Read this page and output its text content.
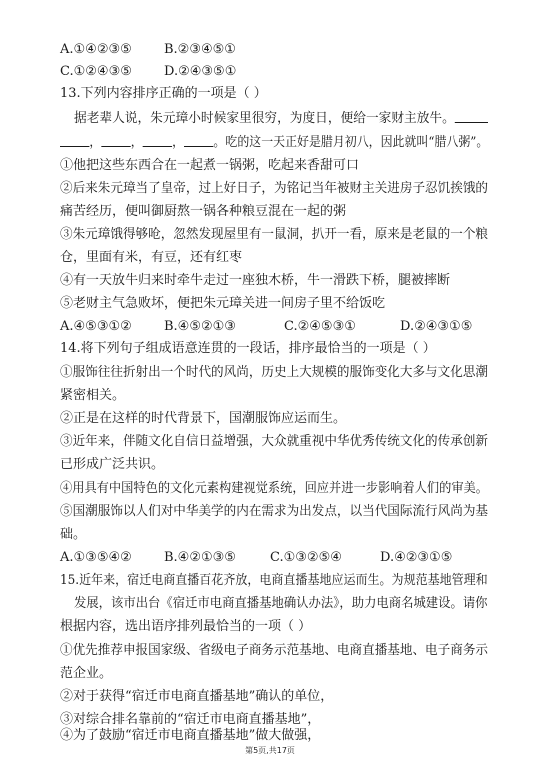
A.①④②③⑤ B.②③④⑤①
C.①②④③⑤ D.②④③⑤①
13.下列内容排序正确的一项是（ ）
据老辈人说，朱元璋小时候家里很穷，为度日，便给一家财主放牛。
， ， ， 。吃的这一天正好是腊月初八，因此就叫“腊八粥”。
①他把这些东西合在一起煮一锅粥，吃起来香甜可口
②后来朱元璋当了皇帝，过上好日子，为铭记当年被财主关进房子忍饥挨饿的
痛苦经历，便叫御厨熬一锅各种粮豆混在一起的粥
③朱元璋饿得够呛，忽然发现屋里有一鼠洞，扒开一看，原来是老鼠的一个粮
仓，里面有米，有豆，还有红枣
④有一天放牛归来时牵牛走过一座独木桥，牛一滑跌下桥，腿被摔断
⑤老财主气急败坏，便把朱元璋关进一间房子里不给饭吃
A.④⑤③①② B.④⑤②①③	C.②④⑤③①	D.②④③①⑤
14.将下列句子组成语意连贯的一段话，排序最恰当的一项是（ ）
①服饰往往折射出一个时代的风尚，历史上大规模的服饰变化大多与文化思潮
紧密相关。
②正是在这样的时代背景下，国潮服饰应运而生。
③近年来，伴随文化自信日益增强，大众就重视中华优秀传统文化的传承创新
已形成广泛共识。
④用具有中国特色的文化元素构建视觉系统，回应并进一步影响着人们的审美。
⑤国潮服饰以人们对中华美学的内在需求为出发点，以当代国际流行风尚为基
础。
A.①③⑤④② B.④②①③⑤	C.①③②⑤④	D.④②③①⑤
15.近年来，宿迁电商直播百花齐放，电商直播基地应运而生。为规范基地管理和
发展，该市出台《宿迁市电商直播基地确认办法》，助力电商名城建设。请你
根据内容，选出语序排列最恰当的一项（ ）
①优先推荐申报国家级、省级电子商务示范基地、电商直播基地、电子商务示
范企业。
②对于获得“宿迁市电商直播基地”确认的单位，
③对综合排名靠前的“宿迁市电商直播基地”，
④为了鼓励“宿迁市电商直播基地”做大做强，
第5页,共17页
